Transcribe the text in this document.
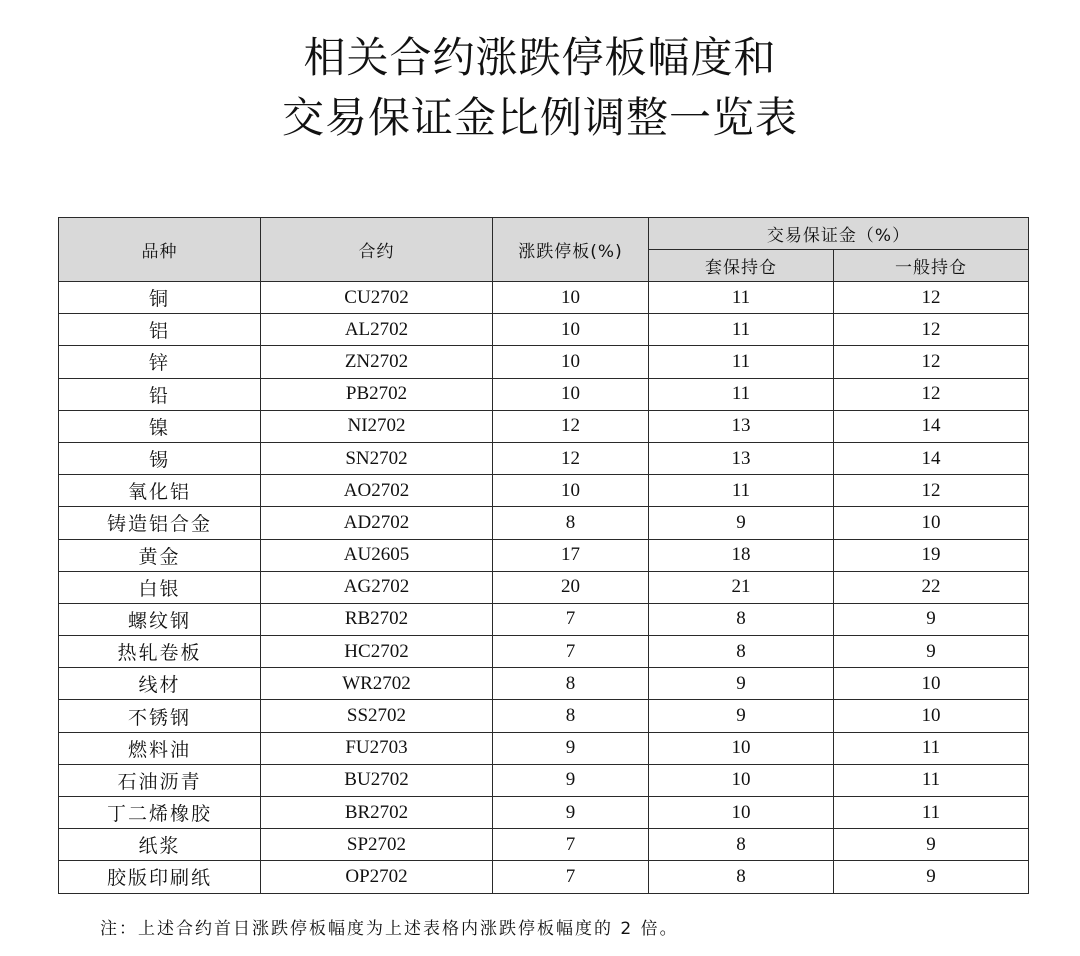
相关合约涨跌停板幅度和
交易保证金比例调整一览表
品种	合约	涨跌停板(%)	交易保证金（%）	
			套保持仓	一般持仓
铜	CU2702	10	11	12
铝	AL2702	10	11	12
锌	ZN2702	10	11	12
铅	PB2702	10	11	12
镍	NI2702	12	13	14
锡	SN2702	12	13	14
氧化铝	AO2702	10	11	12
铸造铝合金	AD2702	8	9	10
黄金	AU2605	17	18	19
白银	AG2702	20	21	22
螺纹钢	RB2702	7	8	9
热轧卷板	HC2702	7	8	9
线材	WR2702	8	9	10
不锈钢	SS2702	8	9	10
燃料油	FU2703	9	10	11
石油沥青	BU2702	9	10	11
丁二烯橡胶	BR2702	9	10	11
纸浆	SP2702	7	8	9
胶版印刷纸	OP2702	7	8	9
注：上述合约首日涨跌停板幅度为上述表格内涨跌停板幅度的 2 倍。
